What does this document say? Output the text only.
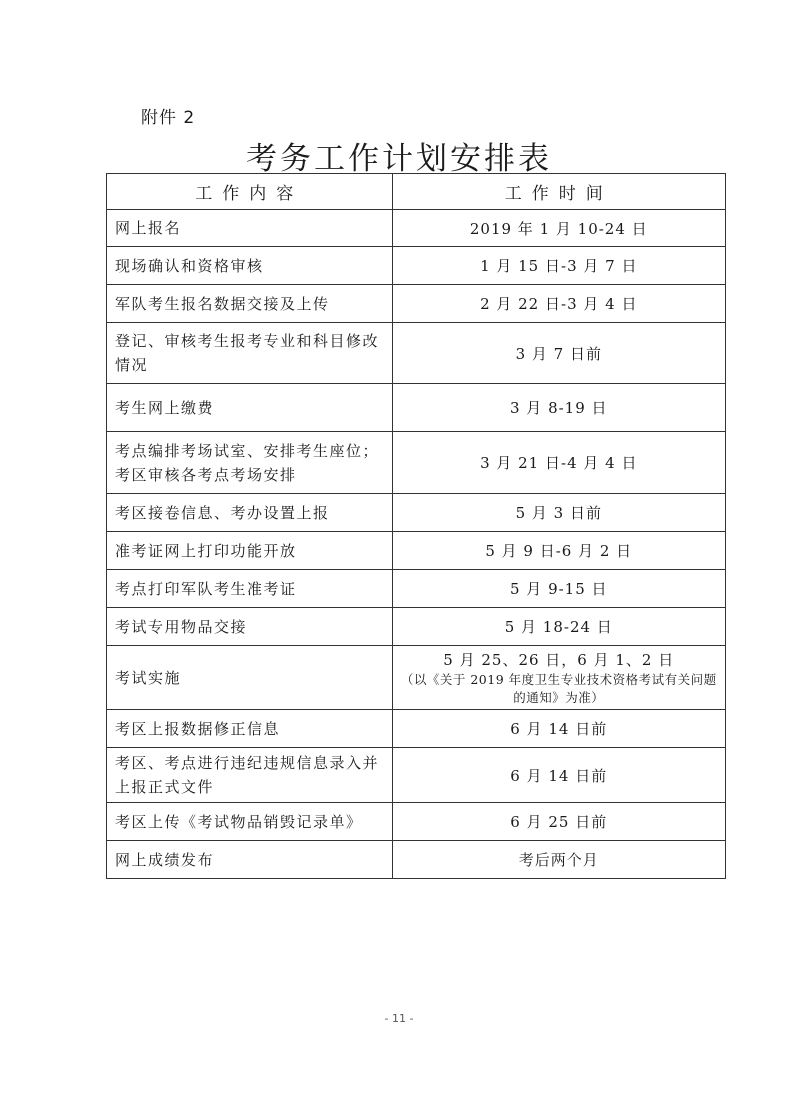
附件 2
考务工作计划安排表
工作内容	工作时间
网上报名	2019 年 1 月 10-24 日
现场确认和资格审核	1 月 15 日-3 月 7 日
军队考生报名数据交接及上传	2 月 22 日-3 月 4 日
登记、审核考生报考专业和科目修改情况	3 月 7 日前
考生网上缴费	3 月 8-19 日
考点编排考场试室、安排考生座位；考区审核各考点考场安排	3 月 21 日-4 月 4 日
考区接卷信息、考办设置上报	5 月 3 日前
准考证网上打印功能开放	5 月 9 日-6 月 2 日
考点打印军队考生准考证	5 月 9-15 日
考试专用物品交接	5 月 18-24 日
考试实施	5 月 25、26 日，6 月 1、2 日
（以《关于 2019 年度卫生专业技术资格考试有关问题的通知》为准）

考区上报数据修正信息	6 月 14 日前
考区、考点进行违纪违规信息录入并上报正式文件	6 月 14 日前
考区上传《考试物品销毁记录单》	6 月 25 日前
网上成绩发布	考后两个月
- 11 -
